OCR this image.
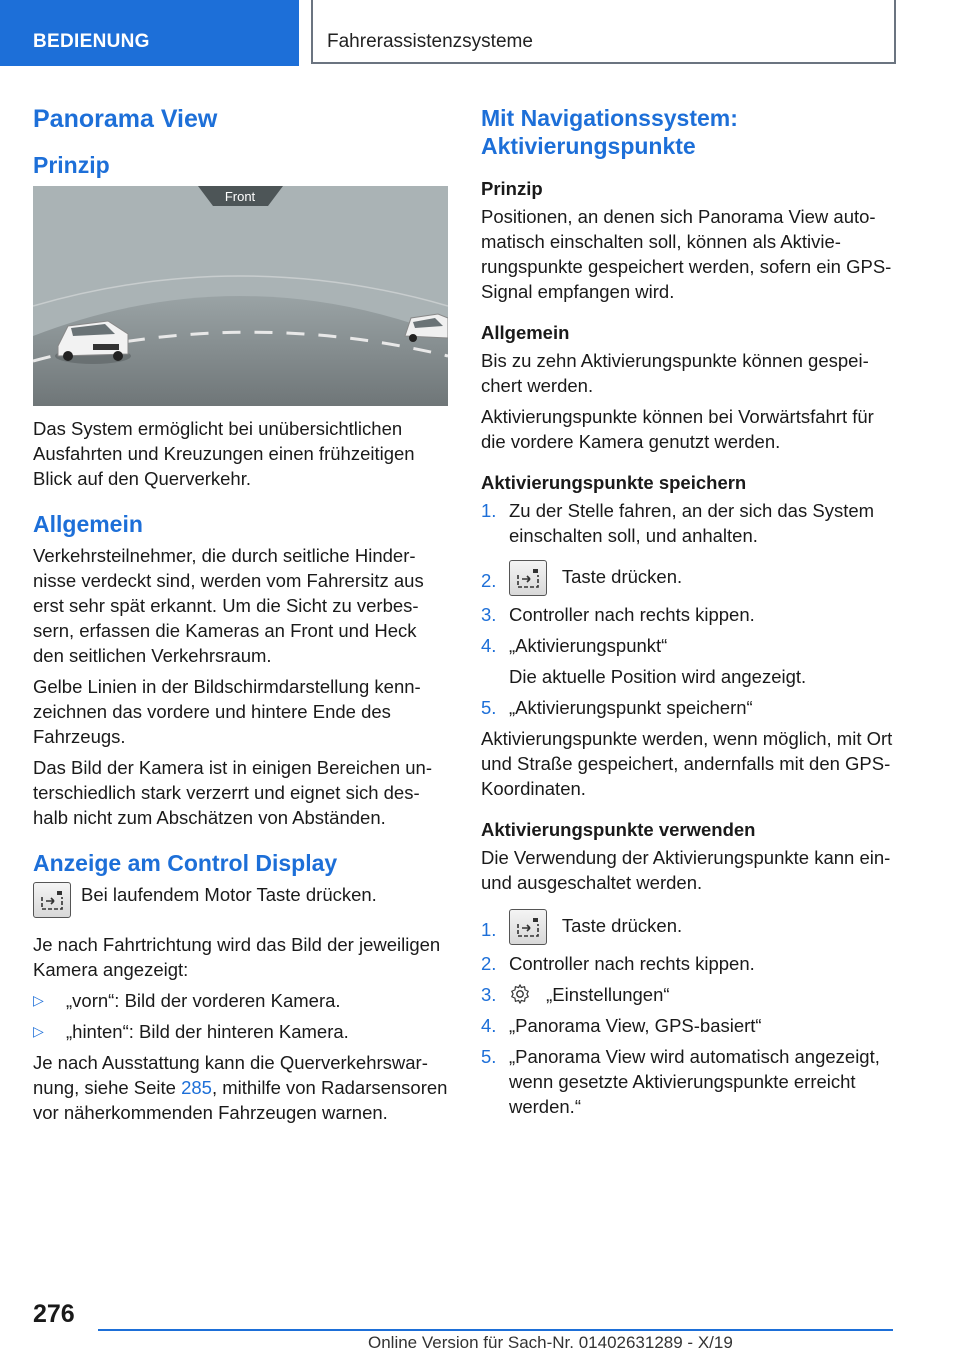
BEDIENUNG	Fahrerassistenzsysteme
Panorama View
Prinzip
Front

Das System ermöglicht bei unübersichtlichen Ausfahrten und Kreuzungen einen frühzeitigen Blick auf den Querverkehr.

Allgemein

Verkehrsteilnehmer, die durch seitliche Hindernisse verdeckt sind, werden vom Fahrersitz aus erst sehr spät erkannt. Um die Sicht zu verbessern, erfassen die Kameras an Front und Heck den seitlichen Verkehrsraum.

Gelbe Linien in der Bildschirmdarstellung kennzeichnen das vordere und hintere Ende des Fahrzeugs.

Das Bild der Kamera ist in einigen Bereichen unterschiedlich stark verzerrt und eignet sich deshalb nicht zum Abschätzen von Abständen.

Anzeige am Control Display
Bei laufendem Motor Taste drücken.

Je nach Fahrtrichtung wird das Bild der jeweiligen Kamera angezeigt:

▷ „vorn“: Bild der vorderen Kamera.
▷ „hinten“: Bild der hinteren Kamera.

Je nach Ausstattung kann die Querverkehrswarnung, siehe Seite 285, mithilfe von Radarsensoren vor näherkommenden Fahrzeugen warnen.

Mit Navigationssystem: Aktivierungspunkte
Prinzip

Positionen, an denen sich Panorama View automatisch einschalten soll, können als Aktivierungspunkte gespeichert werden, sofern ein GPS-Signal empfangen wird.

Allgemein

Bis zu zehn Aktivierungspunkte können gespeichert werden.

Aktivierungspunkte können bei Vorwärtsfahrt für die vordere Kamera genutzt werden.

Aktivierungspunkte speichern
1. Zu der Stelle fahren, an der sich das System einschalten soll, und anhalten.
2.	Taste drücken.
3. Controller nach rechts kippen.
4. „Aktivierungspunkt“
Die aktuelle Position wird angezeigt.
5. „Aktivierungspunkt speichern“

Aktivierungspunkte werden, wenn möglich, mit Ort und Straße gespeichert, andernfalls mit den GPS-Koordinaten.

Aktivierungspunkte verwenden

Die Verwendung der Aktivierungspunkte kann ein- und ausgeschaltet werden.

1.	Taste drücken.
2. Controller nach rechts kippen.
3.	„Einstellungen“
4. „Panorama View, GPS-basiert“
5. „Panorama View wird automatisch angezeigt, wenn gesetzte Aktivierungspunkte erreicht werden.“
276
Online Version für Sach-Nr. 01402631289 - X/19
